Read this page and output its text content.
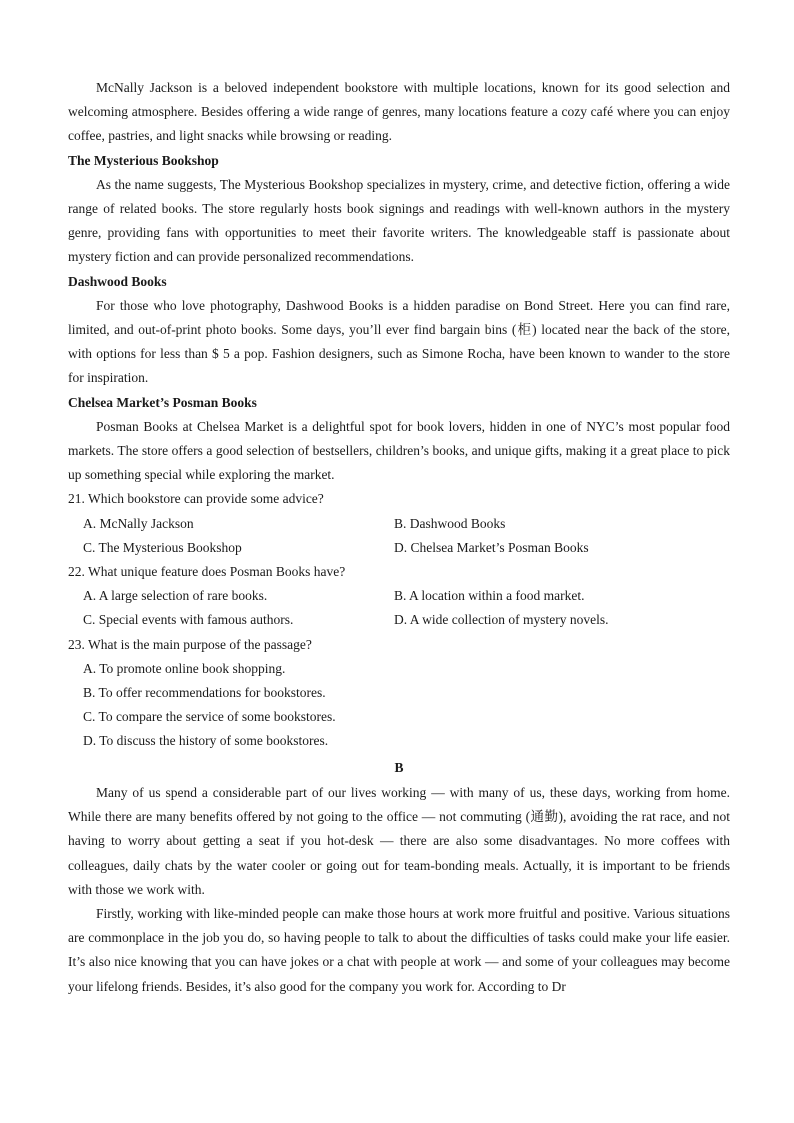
McNally Jackson is a beloved independent bookstore with multiple locations, known for its good selection and welcoming atmosphere. Besides offering a wide range of genres, many locations feature a cozy café where you can enjoy coffee, pastries, and light snacks while browsing or reading.

The Mysterious Bookshop

As the name suggests, The Mysterious Bookshop specializes in mystery, crime, and detective fiction, offering a wide range of related books. The store regularly hosts book signings and readings with well-known authors in the mystery genre, providing fans with opportunities to meet their favorite writers. The knowledgeable staff is passionate about mystery fiction and can provide personalized recommendations.

Dashwood Books

For those who love photography, Dashwood Books is a hidden paradise on Bond Street. Here you can find rare, limited, and out-of-print photo books. Some days, you’ll ever find bargain bins (柜) located near the back of the store, with options for less than $ 5 a pop. Fashion designers, such as Simone Rocha, have been known to wander to the store for inspiration.

Chelsea Market’s Posman Books

Posman Books at Chelsea Market is a delightful spot for book lovers, hidden in one of NYC’s most popular food markets. The store offers a good selection of bestsellers, children’s books, and unique gifts, making it a great place to pick up something special while exploring the market.

21. Which bookstore can provide some advice?
A. McNally Jackson	B. Dashwood Books
C. The Mysterious Bookshop	D. Chelsea Market’s Posman Books
22. What unique feature does Posman Books have?
A. A large selection of rare books.	B. A location within a food market.
C. Special events with famous authors.	D. A wide collection of mystery novels.
23. What is the main purpose of the passage?
A. To promote online book shopping.
B. To offer recommendations for bookstores.
C. To compare the service of some bookstores.
D. To discuss the history of some bookstores.
B

Many of us spend a considerable part of our lives working — with many of us, these days, working from home. While there are many benefits offered by not going to the office — not commuting (通勤), avoiding the rat race, and not having to worry about getting a seat if you hot-desk — there are also some disadvantages. No more coffees with colleagues, daily chats by the water cooler or going out for team-bonding meals. Actually, it is important to be friends with those we work with.

Firstly, working with like-minded people can make those hours at work more fruitful and positive. Various situations are commonplace in the job you do, so having people to talk to about the difficulties of tasks could make your life easier. It’s also nice knowing that you can have jokes or a chat with people at work — and some of your colleagues may become your lifelong friends. Besides, it’s also good for the company you work for. According to Dr
